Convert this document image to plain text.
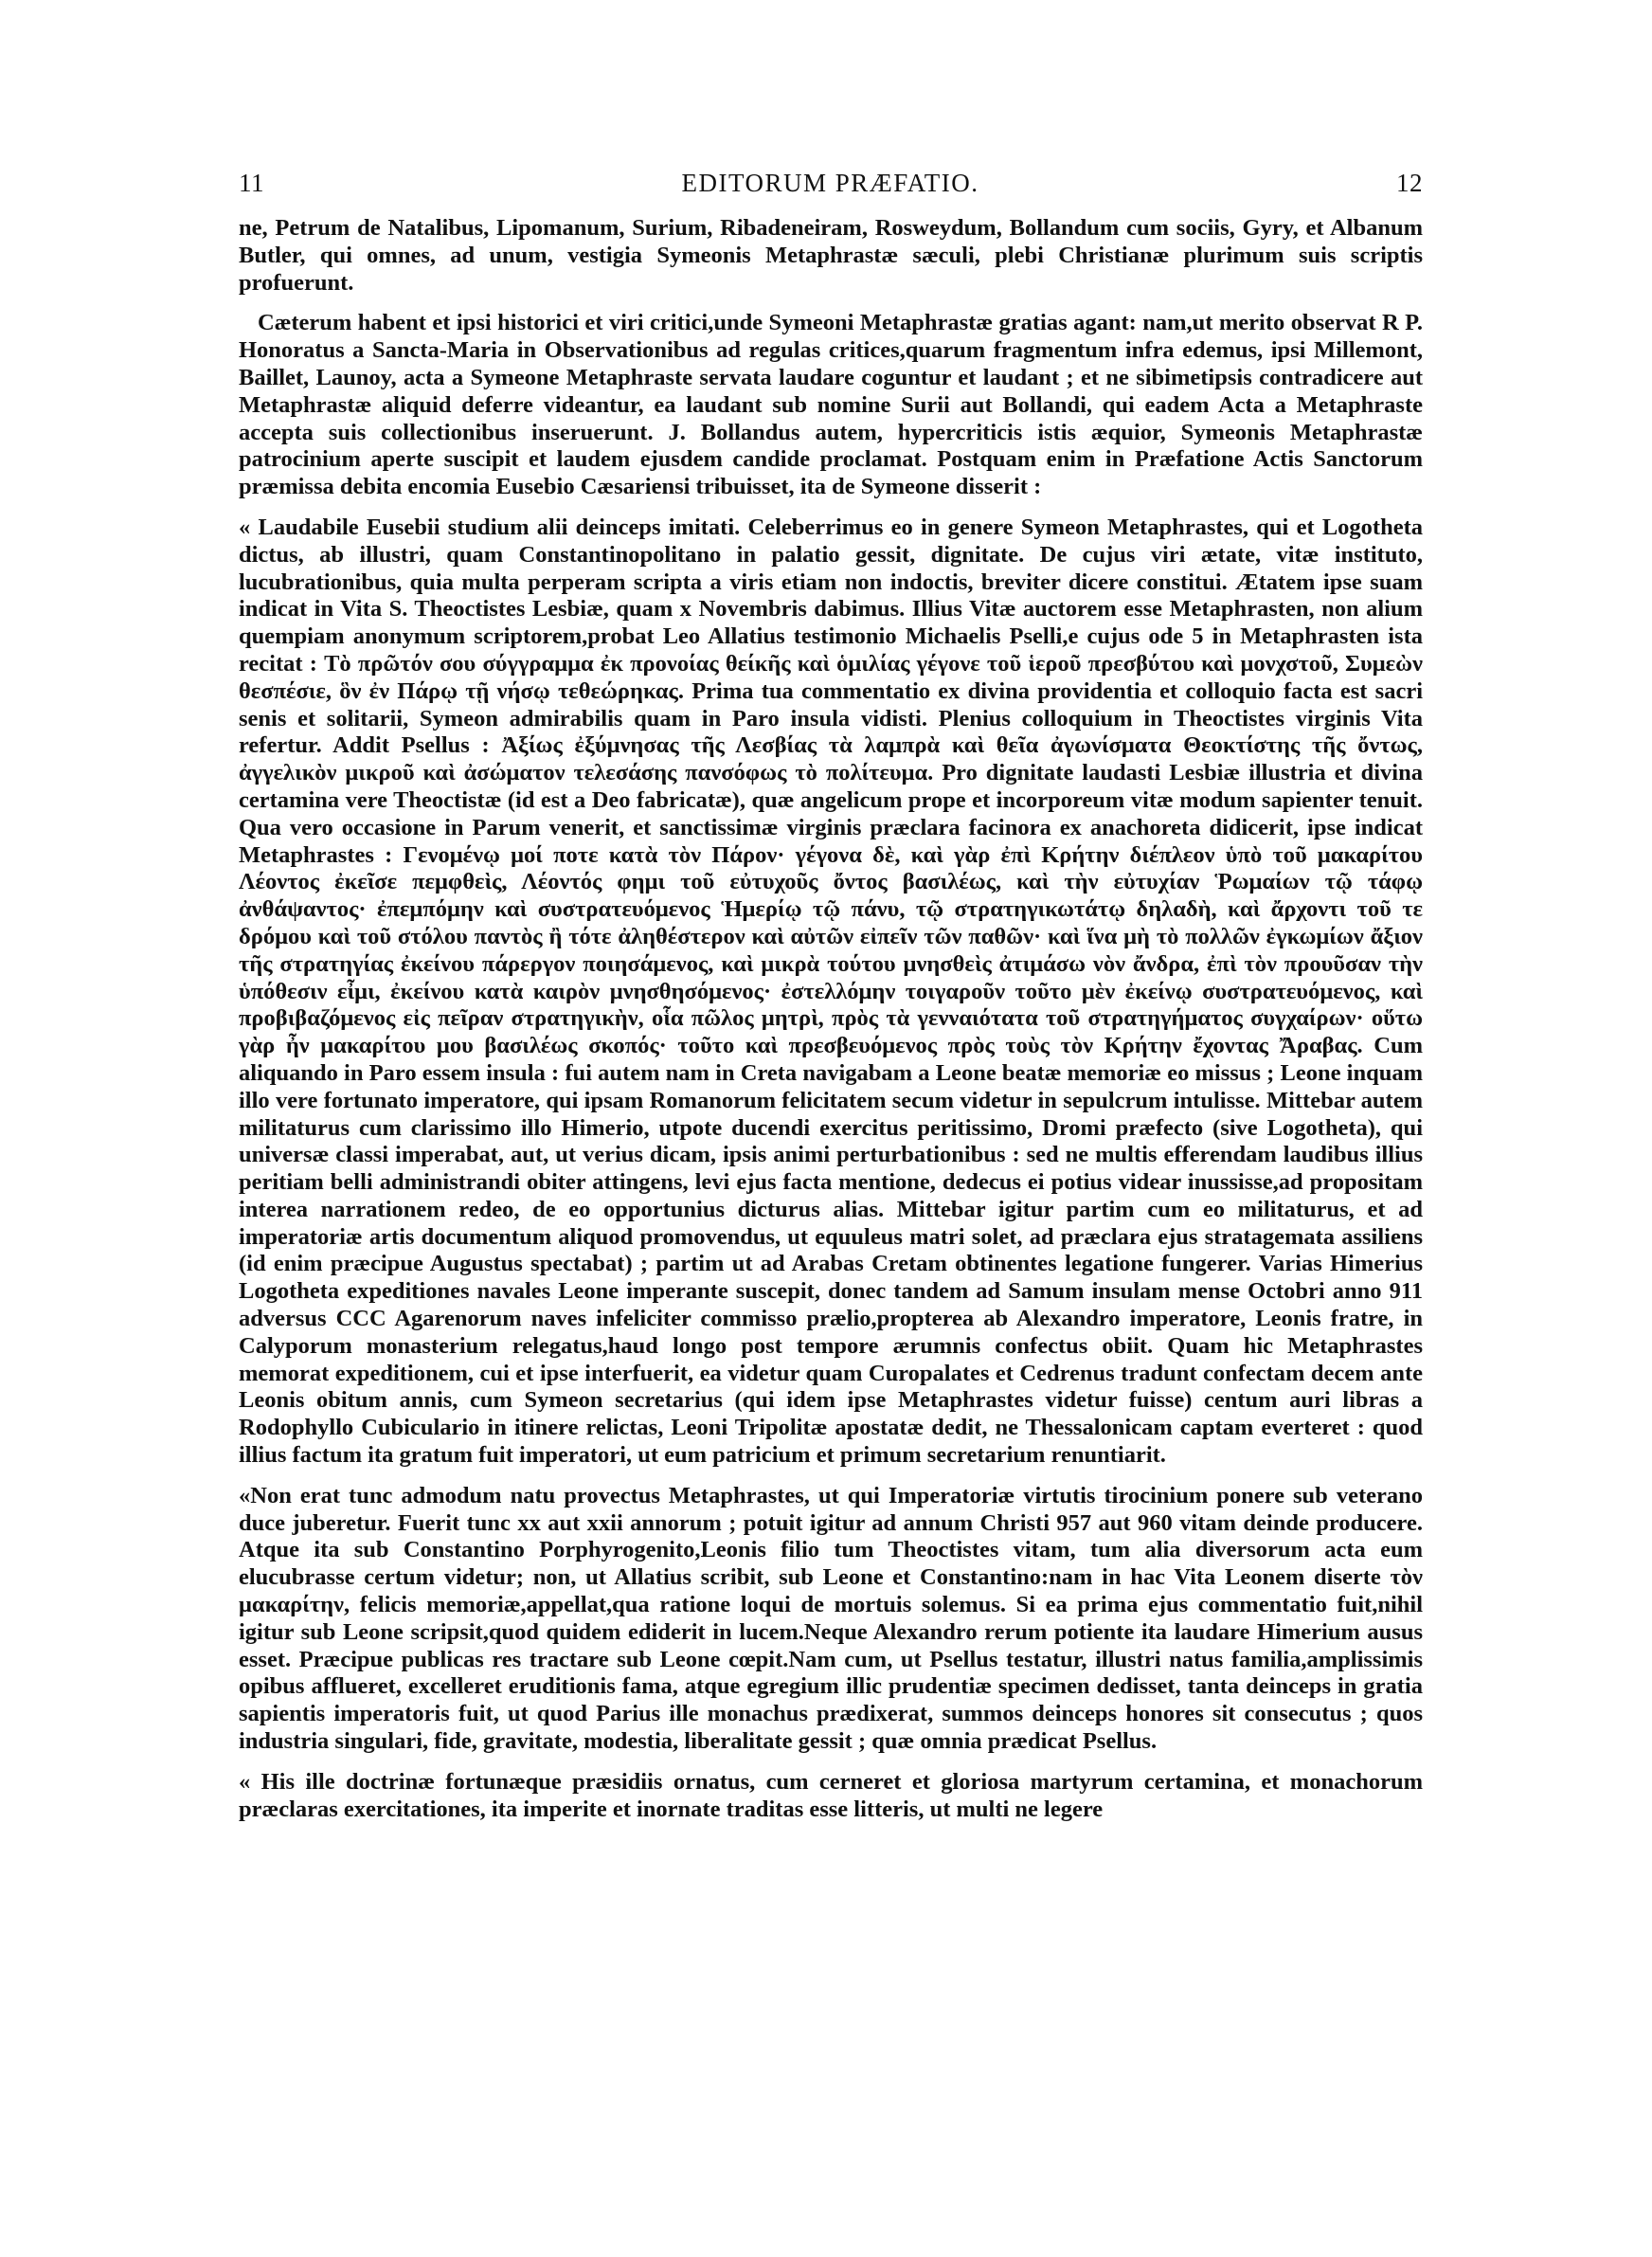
11	EDITORUM PRÆFATIO.	12

ne, Petrum de Natalibus, Lipomanum, Surium, Ribadeneiram, Rosweydum, Bollandum cum sociis, Gyry, et Albanum Butler, qui omnes, ad unum, vestigia Symeonis Metaphrastæ sæculi, plebi Christianæ plurimum suis scriptis profuerunt.

Cæterum habent et ipsi historici et viri critici,unde Symeoni Metaphrastæ gratias agant: nam,ut merito observat R P. Honoratus a Sancta-Maria in Observationibus ad regulas critices,quarum fragmentum infra edemus, ipsi Millemont, Baillet, Launoy, acta a Symeone Metaphraste servata laudare coguntur et laudant ; et ne sibimetipsis contradicere aut Metaphrastæ aliquid deferre videantur, ea laudant sub nomine Surii aut Bollandi, qui eadem Acta a Metaphraste accepta suis collectionibus inseruerunt. J. Bollandus autem, hypercriticis istis æquior, Symeonis Metaphrastæ patrocinium aperte suscipit et laudem ejusdem candide proclamat. Postquam enim in Præfatione Actis Sanctorum præmissa debita encomia Eusebio Cæsariensi tribuisset, ita de Symeone disserit :

« Laudabile Eusebii studium alii deinceps imitati. Celeberrimus eo in genere Symeon Metaphrastes, qui et Logotheta dictus, ab illustri, quam Constantinopolitano in palatio gessit, dignitate. De cujus viri ætate, vitæ instituto, lucubrationibus, quia multa perperam scripta a viris etiam non indoctis, breviter dicere constitui. Ætatem ipse suam indicat in Vita S. Theoctistes Lesbiæ, quam x Novembris dabimus. Illius Vitæ auctorem esse Metaphrasten, non alium quempiam anonymum scriptorem,probat Leo Allatius testimonio Michaelis Pselli,e cujus ode 5 in Metaphrasten ista recitat : Τὸ πρῶτόν σου σύγγραμμα ἐκ προνοίας θείκῆς καὶ ὁμιλίας γέγονε τοῦ ἱεροῦ πρεσβύτου καὶ μονχστοῦ, Συμεὼν θεσπέσιε, ὃν ἐν Πάρῳ τῇ νήσῳ τεθεώρηκας. Prima tua commentatio ex divina providentia et colloquio facta est sacri senis et solitarii, Symeon admirabilis quam in Paro insula vidisti. Plenius colloquium in Theoctistes virginis Vita refertur. Addit Psellus : Ἀξίως ἐξύμνησας τῆς Λεσβίας τὰ λαμπρὰ καὶ θεῖα ἀγωνίσματα Θεοκτίστης τῆς ὄντως, ἀγγελικὸν μικροῦ καὶ ἀσώματον τελεσάσης πανσόφως τὸ πολίτευμα. Pro dignitate laudasti Lesbiæ illustria et divina certamina vere Theoctistæ (id est a Deo fabricatæ), quæ angelicum prope et incorporeum vitæ modum sapienter tenuit. Qua vero occasione in Parum venerit, et sanctissimæ virginis præclara facinora ex anachoreta didicerit, ipse indicat Metaphrastes : Γενομένῳ μοί ποτε κατὰ τὸν Πάρον· γέγονα δὲ, καὶ γὰρ ἐπὶ Κρήτην διέπλεον ὑπὸ τοῦ μακαρίτου Λέοντος ἐκεῖσε πεμφθεὶς, Λέοντός φημι τοῦ εὐτυχοῦς ὄντος βασιλέως, καὶ τὴν εὐτυχίαν Ῥωμαίων τῷ τάφῳ ἀνθάψαντος· ἐπεμπόμην καὶ συστρατευόμενος Ἡμερίῳ τῷ πάνυ, τῷ στρατηγικωτάτῳ δηλαδὴ, καὶ ἄρχοντι τοῦ τε δρόμου καὶ τοῦ στόλου παντὸς ἢ τότε ἀληθέστερον καὶ αὐτῶν εἰπεῖν τῶν παθῶν· καὶ ἵνα μὴ τὸ πολλῶν ἐγκωμίων ἄξιον τῆς στρατηγίας ἐκείνου πάρεργον ποιησάμενος, καὶ μικρὰ τούτου μνησθεὶς ἀτιμάσω νὸν ἄνδρα, ἐπὶ τὸν προυῦσαν τὴν ὑπόθεσιν εἶμι, ἐκείνου κατὰ καιρὸν μνησθησόμενος· ἐστελλόμην τοιγαροῦν τοῦτο μὲν ἐκείνῳ συστρατευόμενος, καὶ προβιβαζόμενος εἰς πεῖραν στρατηγικὴν, οἷα πῶλος μητρὶ, πρὸς τὰ γενναιότατα τοῦ στρατηγήματος συγχαίρων· οὕτω γὰρ ἦν μακαρίτου μου βασιλέως σκοπός· τοῦτο καὶ πρεσβευόμενος πρὸς τοὺς τὸν Κρήτην ἔχοντας Ἄραβας. Cum aliquando in Paro essem insula : fui autem nam in Creta navigabam a Leone beatæ memoriæ eo missus ; Leone inquam illo vere fortunato imperatore, qui ipsam Romanorum felicitatem secum videtur in sepulcrum intulisse. Mittebar autem militaturus cum clarissimo illo Himerio, utpote ducendi exercitus peritissimo, Dromi præfecto (sive Logotheta), qui universæ classi imperabat, aut, ut verius dicam, ipsis animi perturbationibus : sed ne multis efferendam laudibus illius peritiam belli administrandi obiter attingens, levi ejus facta mentione, dedecus ei potius videar inussisse,ad propositam interea narrationem redeo, de eo opportunius dicturus alias. Mittebar igitur partim cum eo militaturus, et ad imperatoriæ artis documentum aliquod promovendus, ut equuleus matri solet, ad præclara ejus stratagemata assiliens (id enim præcipue Augustus spectabat) ; partim ut ad Arabas Cretam obtinentes legatione fungerer. Varias Himerius Logotheta expeditiones navales Leone imperante suscepit, donec tandem ad Samum insulam mense Octobri anno 911 adversus CCC Agarenorum naves infeliciter commisso prælio,propterea ab Alexandro imperatore, Leonis fratre, in Calyporum monasterium relegatus,haud longo post tempore ærumnis confectus obiit. Quam hic Metaphrastes memorat expeditionem, cui et ipse interfuerit, ea videtur quam Curopalates et Cedrenus tradunt confectam decem ante Leonis obitum annis, cum Symeon secretarius (qui idem ipse Metaphrastes videtur fuisse) centum auri libras a Rodophyllo Cubiculario in itinere relictas, Leoni Tripolitæ apostatæ dedit, ne Thessalonicam captam everteret : quod illius factum ita gratum fuit imperatori, ut eum patricium et primum secretarium renuntiarit.

«Non erat tunc admodum natu provectus Metaphrastes, ut qui Imperatoriæ virtutis tirocinium ponere sub veterano duce juberetur. Fuerit tunc xx aut xxii annorum ; potuit igitur ad annum Christi 957 aut 960 vitam deinde producere. Atque ita sub Constantino Porphyrogenito,Leonis filio tum Theoctistes vitam, tum alia diversorum acta eum elucubrasse certum videtur; non, ut Allatius scribit, sub Leone et Constantino:nam in hac Vita Leonem diserte τὸν μακαρίτην, felicis memoriæ,appellat,qua ratione loqui de mortuis solemus. Si ea prima ejus commentatio fuit,nihil igitur sub Leone scripsit,quod quidem ediderit in lucem.Neque Alexandro rerum potiente ita laudare Himerium ausus esset. Præcipue publicas res tractare sub Leone cœpit.Nam cum, ut Psellus testatur, illustri natus familia,amplissimis opibus afflueret, excelleret eruditionis fama, atque egregium illic prudentiæ specimen dedisset, tanta deinceps in gratia sapientis imperatoris fuit, ut quod Parius ille monachus prædixerat, summos deinceps honores sit consecutus ; quos industria singulari, fide, gravitate, modestia, liberalitate gessit ; quæ omnia prædicat Psellus.

« His ille doctrinæ fortunæque præsidiis ornatus, cum cerneret et gloriosa martyrum certamina, et monachorum præclaras exercitationes, ita imperite et inornate traditas esse litteris, ut multi ne legere
